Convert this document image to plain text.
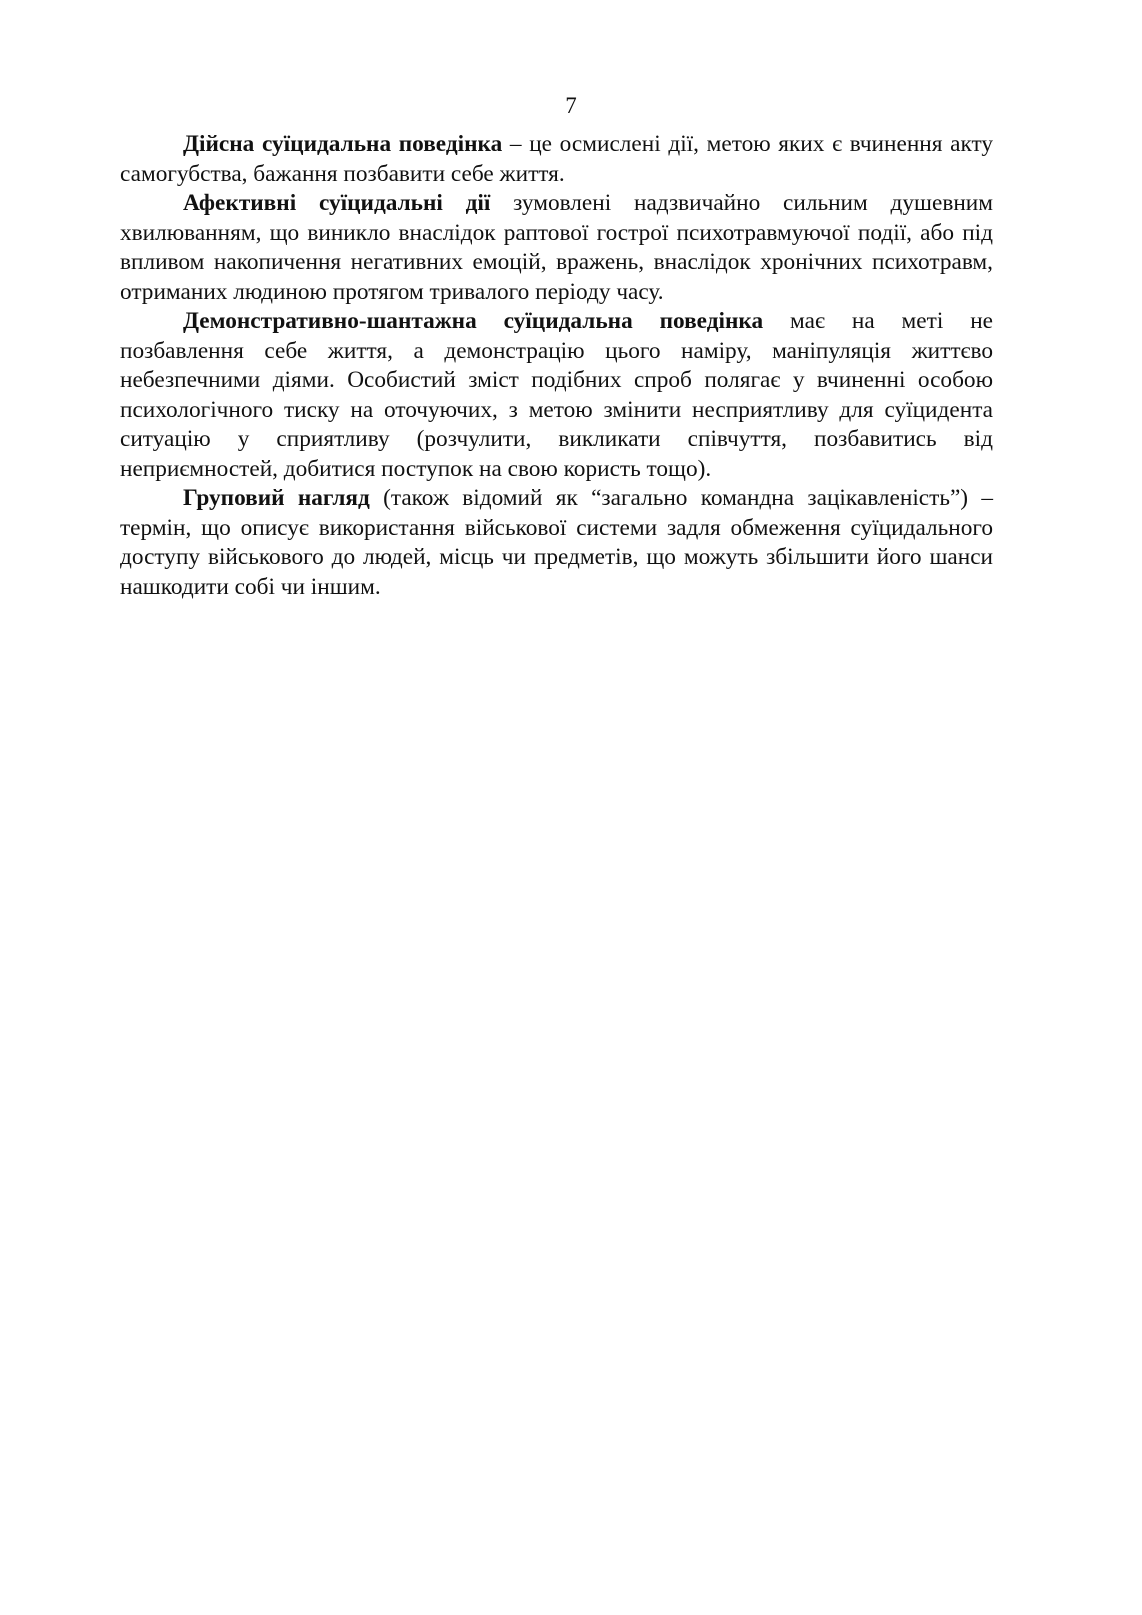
7

Дійсна суїцидальна поведінка – це осмислені дії, метою яких є вчинення акту самогубства, бажання позбавити себе життя.

Афективні суїцидальні дії зумовлені надзвичайно сильним душевним хвилюванням, що виникло внаслідок раптової гострої психотравмуючої події, або під впливом накопичення негативних емоцій, вражень, внаслідок хронічних психотравм, отриманих людиною протягом тривалого періоду часу.

Демонстративно-шантажна суїцидальна поведінка має на меті не позбавлення себе життя, а демонстрацію цього наміру, маніпуляція життєво небезпечними діями. Особистий зміст подібних спроб полягає у вчиненні особою психологічного тиску на оточуючих, з метою змінити несприятливу для суїцидента ситуацію у сприятливу (розчулити, викликати співчуття, позбавитись від неприємностей, добитися поступок на свою користь тощо).

Груповий нагляд (також відомий як “загально командна зацікавленість”) – термін, що описує використання військової системи задля обмеження суїцидального доступу військового до людей, місць чи предметів, що можуть збільшити його шанси нашкодити собі чи іншим.
